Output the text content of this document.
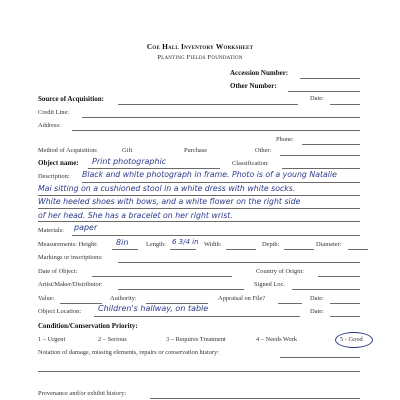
Coe Hall Inventory Worksheet
Planting Fields Foundation
Accession Number:
Other Number:
Source of Acquisition:	Date:
Credit Line:
Address:
Phone:
Method of Acquisition:	Gift	Purchase	Other:
Object name: Print photographic	Classification:
Description: Black and white photograph in frame. Photo is of a young Natalie
Mai sitting on a cushioned stool in a white dress with white socks.
White heeled shoes with bows, and a white flower on the right side
of her head. She has a bracelet on her right wrist.
Materials: paper
Measurements: Height: 8in	Length: 6 3/4 in Width:	Depth:	Diameter:
Markings or inscriptions:
Date of Object:	Country of Origin:
Artist/Maker/Distributor:	Signed Loc.
Value:	Authority:	Appraisal on File?	Date:
Object Location: Children's hallway, on table	Date:
Condition/Conservation Priority:
1 – Urgent	2 – Serious	3 – Requires Treatment	4 – Needs Work	5 - Good
Notation of damage, missing elements, repairs or conservation history:
Provenance and/or exhibit history:
